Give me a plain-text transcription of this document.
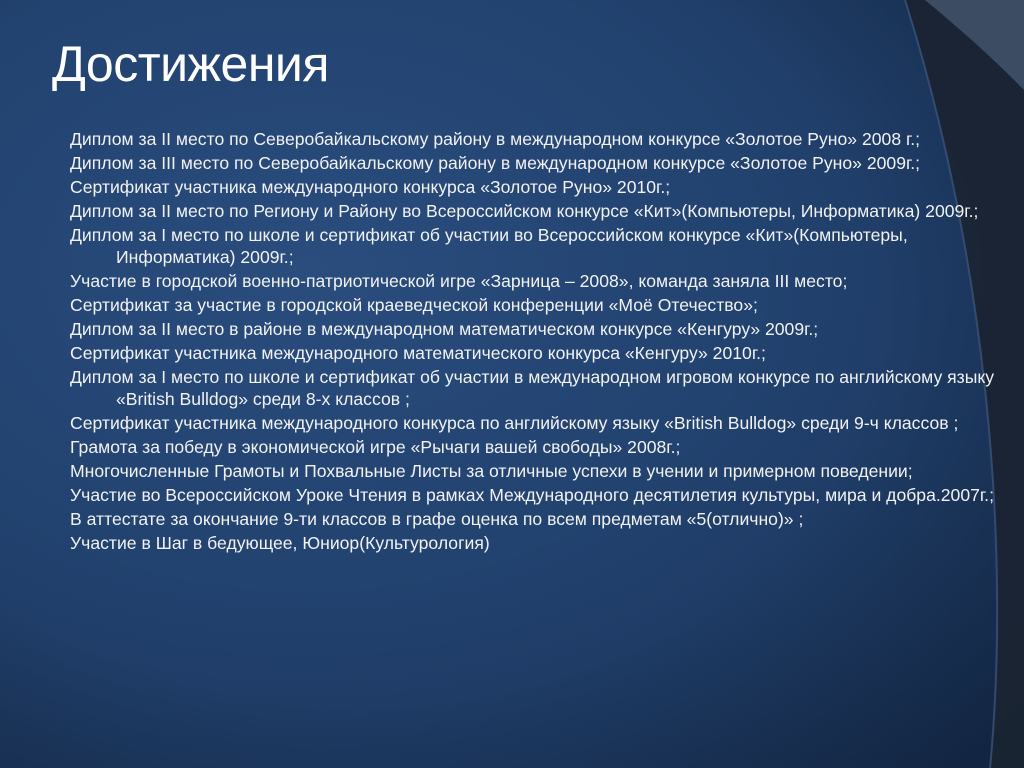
Достижения
Диплом за II место по Северобайкальскому району в международном конкурсе «Золотое Руно» 2008 г.;
Диплом за III место по Северобайкальскому району в международном конкурсе «Золотое Руно» 2009г.;
Сертификат участника международного конкурса «Золотое Руно» 2010г.;
Диплом за II место по Региону и Району во Всероссийском конкурсе «Кит»(Компьютеры, Информатика) 2009г.;
Диплом за I место по школе и сертификат об участии во Всероссийском конкурсе «Кит»(Компьютеры, Информатика) 2009г.;
Участие в городской военно-патриотической игре «Зарница – 2008», команда заняла III место;
Сертификат за участие в городской краеведческой конференции «Моё Отечество»;
Диплом за II место в районе в международном математическом конкурсе «Кенгуру» 2009г.;
Сертификат участника международного математического конкурса «Кенгуру» 2010г.;
Диплом за I место по школе и сертификат об участии в международном игровом конкурсе по английскому языку «British Bulldog» среди 8-х классов ;
Сертификат участника международного конкурса по английскому языку «British Bulldog» среди 9-ч классов ;
Грамота за победу в экономической игре «Рычаги вашей свободы» 2008г.;
Многочисленные Грамоты и Похвальные Листы за отличные успехи в учении и примерном поведении;
Участие во Всероссийском Уроке Чтения в рамках Международного десятилетия культуры, мира и добра.2007г.;
В аттестате за окончание 9-ти классов в графе оценка по всем предметам «5(отлично)» ;
Участие в Шаг в бедующее, Юниор(Культурология)
